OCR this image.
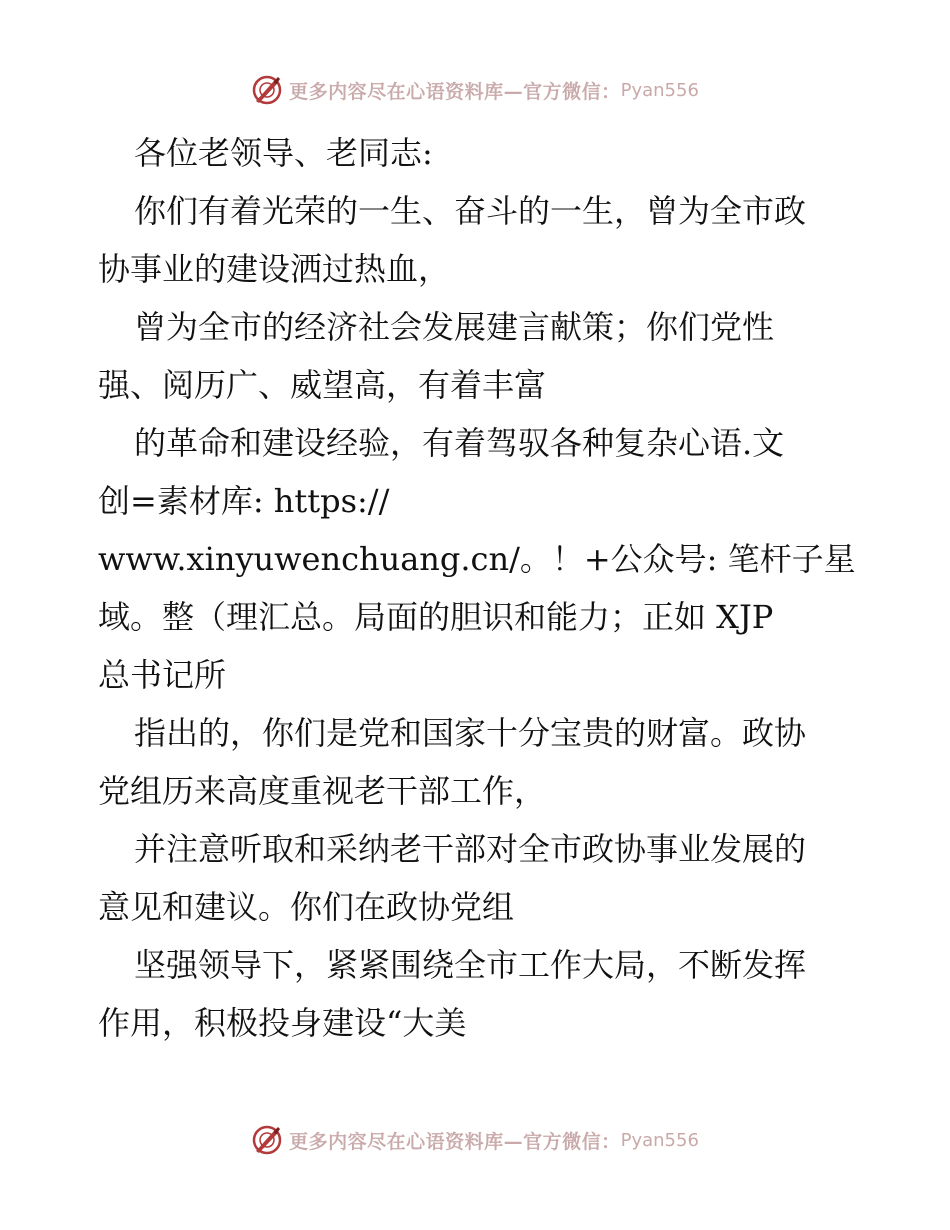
更多内容尽在心语资料库—官方微信： Pyan556

各位老领导、老同志:

你们有着光荣的一生、奋斗的一生，曾为全市政

协事业的建设洒过热血，

曾为全市的经济社会发展建言献策；你们党性

强、阅历广、威望高，有着丰富

的革命和建设经验，有着驾驭各种复杂心语.文

创=素材库: https://

www.xinyuwenchuang.cn/。！+公众号: 笔杆子星

域。整（理汇总。局面的胆识和能力；正如 XJP

总书记所

指出的，你们是党和国家十分宝贵的财富。政协

党组历来高度重视老干部工作，

并注意听取和采纳老干部对全市政协事业发展的

意见和建议。你们在政协党组

坚强领导下，紧紧围绕全市工作大局，不断发挥

作用，积极投身建设“大美

更多内容尽在心语资料库—官方微信： Pyan556
